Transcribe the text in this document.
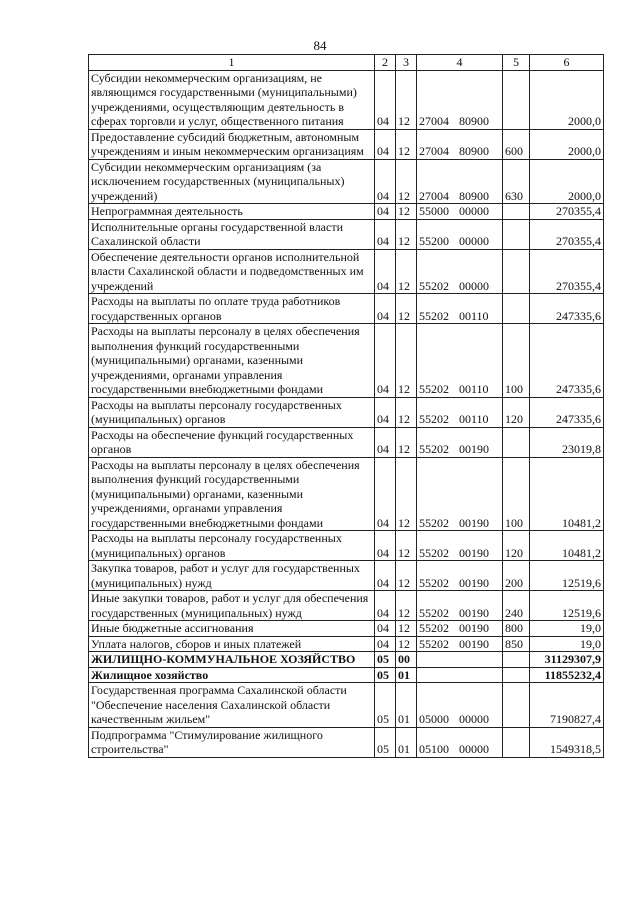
84
1	2	3	4	5	6
Субсидии некоммерческим организациям, не являющимся государственными (муниципальными) учреждениями, осуществляющим деятельность в сферах торговли и услуг, общественного питания	04	12	27004 80900		2000,0
Предоставление субсидий бюджетным, автономным учреждениям и иным некоммерческим организациям	04	12	27004 80900	600	2000,0
Субсидии некоммерческим организациям (за исключением государственных (муниципальных) учреждений)	04	12	27004 80900	630	2000,0
Непрограммная деятельность	04	12	55000 00000		270355,4
Исполнительные органы государственной власти Сахалинской области	04	12	55200 00000		270355,4
Обеспечение деятельности органов исполнительной власти Сахалинской области и подведомственных им учреждений	04	12	55202 00000		270355,4
Расходы на выплаты по оплате труда работников государственных органов	04	12	55202 00110		247335,6
Расходы на выплаты персоналу в целях обеспечения выполнения функций государственными (муниципальными) органами, казенными учреждениями, органами управления государственными внебюджетными фондами	04	12	55202 00110	100	247335,6
Расходы на выплаты персоналу государственных (муниципальных) органов	04	12	55202 00110	120	247335,6
Расходы на обеспечение функций государственных органов	04	12	55202 00190		23019,8
Расходы на выплаты персоналу в целях обеспечения выполнения функций государственными (муниципальными) органами, казенными учреждениями, органами управления государственными внебюджетными фондами	04	12	55202 00190	100	10481,2
Расходы на выплаты персоналу государственных (муниципальных) органов	04	12	55202 00190	120	10481,2
Закупка товаров, работ и услуг для государственных (муниципальных) нужд	04	12	55202 00190	200	12519,6
Иные закупки товаров, работ и услуг для обеспечения государственных (муниципальных) нужд	04	12	55202 00190	240	12519,6
Иные бюджетные ассигнования	04	12	55202 00190	800	19,0
Уплата налогов, сборов и иных платежей	04	12	55202 00190	850	19,0
ЖИЛИЩНО-КОММУНАЛЬНОЕ ХОЗЯЙСТВО	05	00			31129307,9
Жилищное хозяйство	05	01			11855232,4
Государственная программа Сахалинской области "Обеспечение населения Сахалинской области качественным жильем"	05	01	05000 00000		7190827,4
Подпрограмма "Стимулирование жилищного строительства"	05	01	05100 00000		1549318,5
